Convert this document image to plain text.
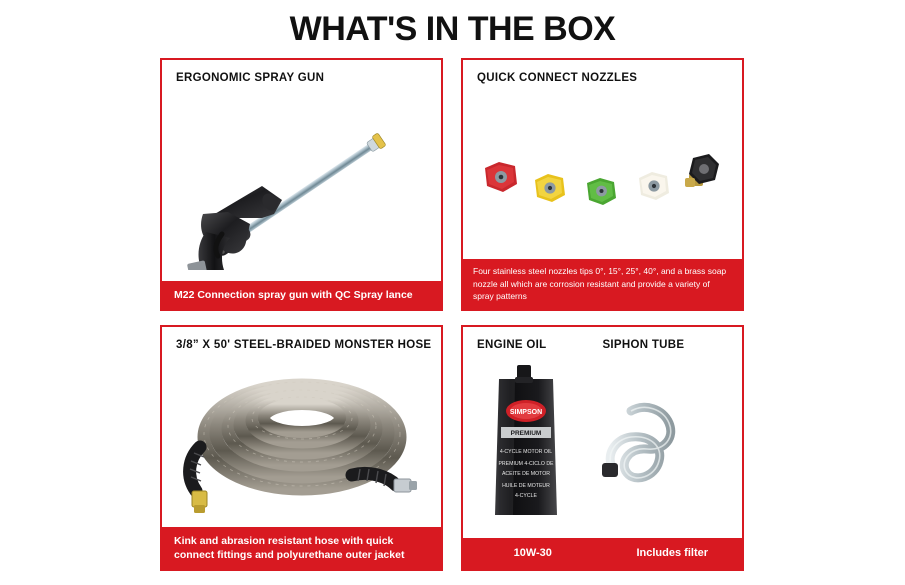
WHAT'S IN THE BOX
ERGONOMIC SPRAY GUN
M22 Connection spray gun with QC Spray lance
QUICK CONNECT NOZZLES
Four stainless steel nozzles tips 0°, 15°, 25°, 40°, and a brass soap nozzle all which are corrosion resistant and provide a variety of spray patterns
3/8” X 50' STEEL-BRAIDED MONSTER HOSE
Kink and abrasion resistant hose with quick connect fittings and polyurethane outer jacket
ENGINE OIL	SIPHON TUBE
SIMPSON
PREMIUM
4-CYCLE MOTOR OIL
PREMIUM 4-CICLO DE
ACEITE DE MOTOR
HUILE DE MOTEUR
4-CYCLE
10W-30	Includes filter
